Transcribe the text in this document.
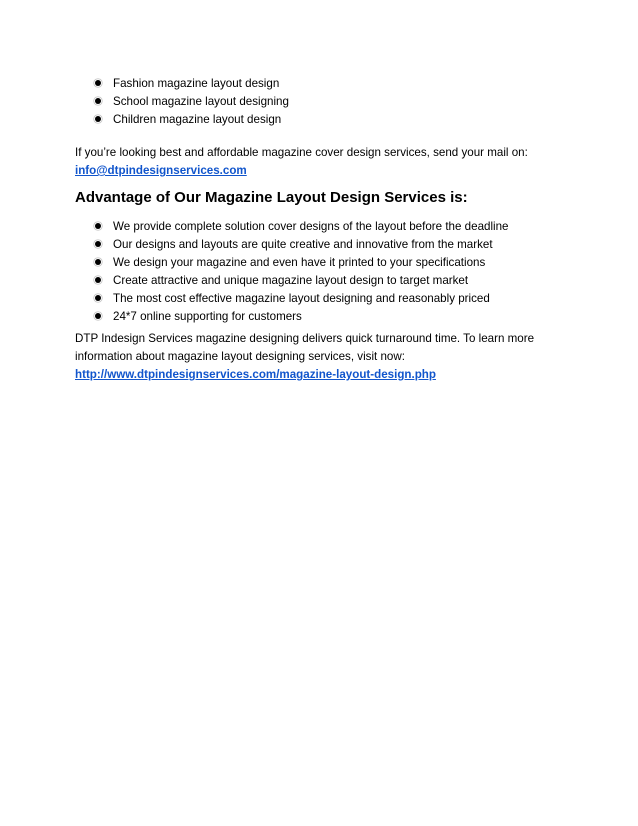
Fashion magazine layout design
School magazine layout designing
Children magazine layout design

If you’re looking best and affordable magazine cover design services, send your mail on:

info@dtpindesignservices.com

Advantage of Our Magazine Layout Design Services is:
We provide complete solution cover designs of the layout before the deadline
Our designs and layouts are quite creative and innovative from the market
We design your magazine and even have it printed to your specifications
Create attractive and unique magazine layout design to target market
The most cost effective magazine layout designing and reasonably priced
24*7 online supporting for customers

DTP Indesign Services magazine designing delivers quick turnaround time. To learn more

information about magazine layout designing services, visit now:

http://www.dtpindesignservices.com/magazine-layout-design.php
